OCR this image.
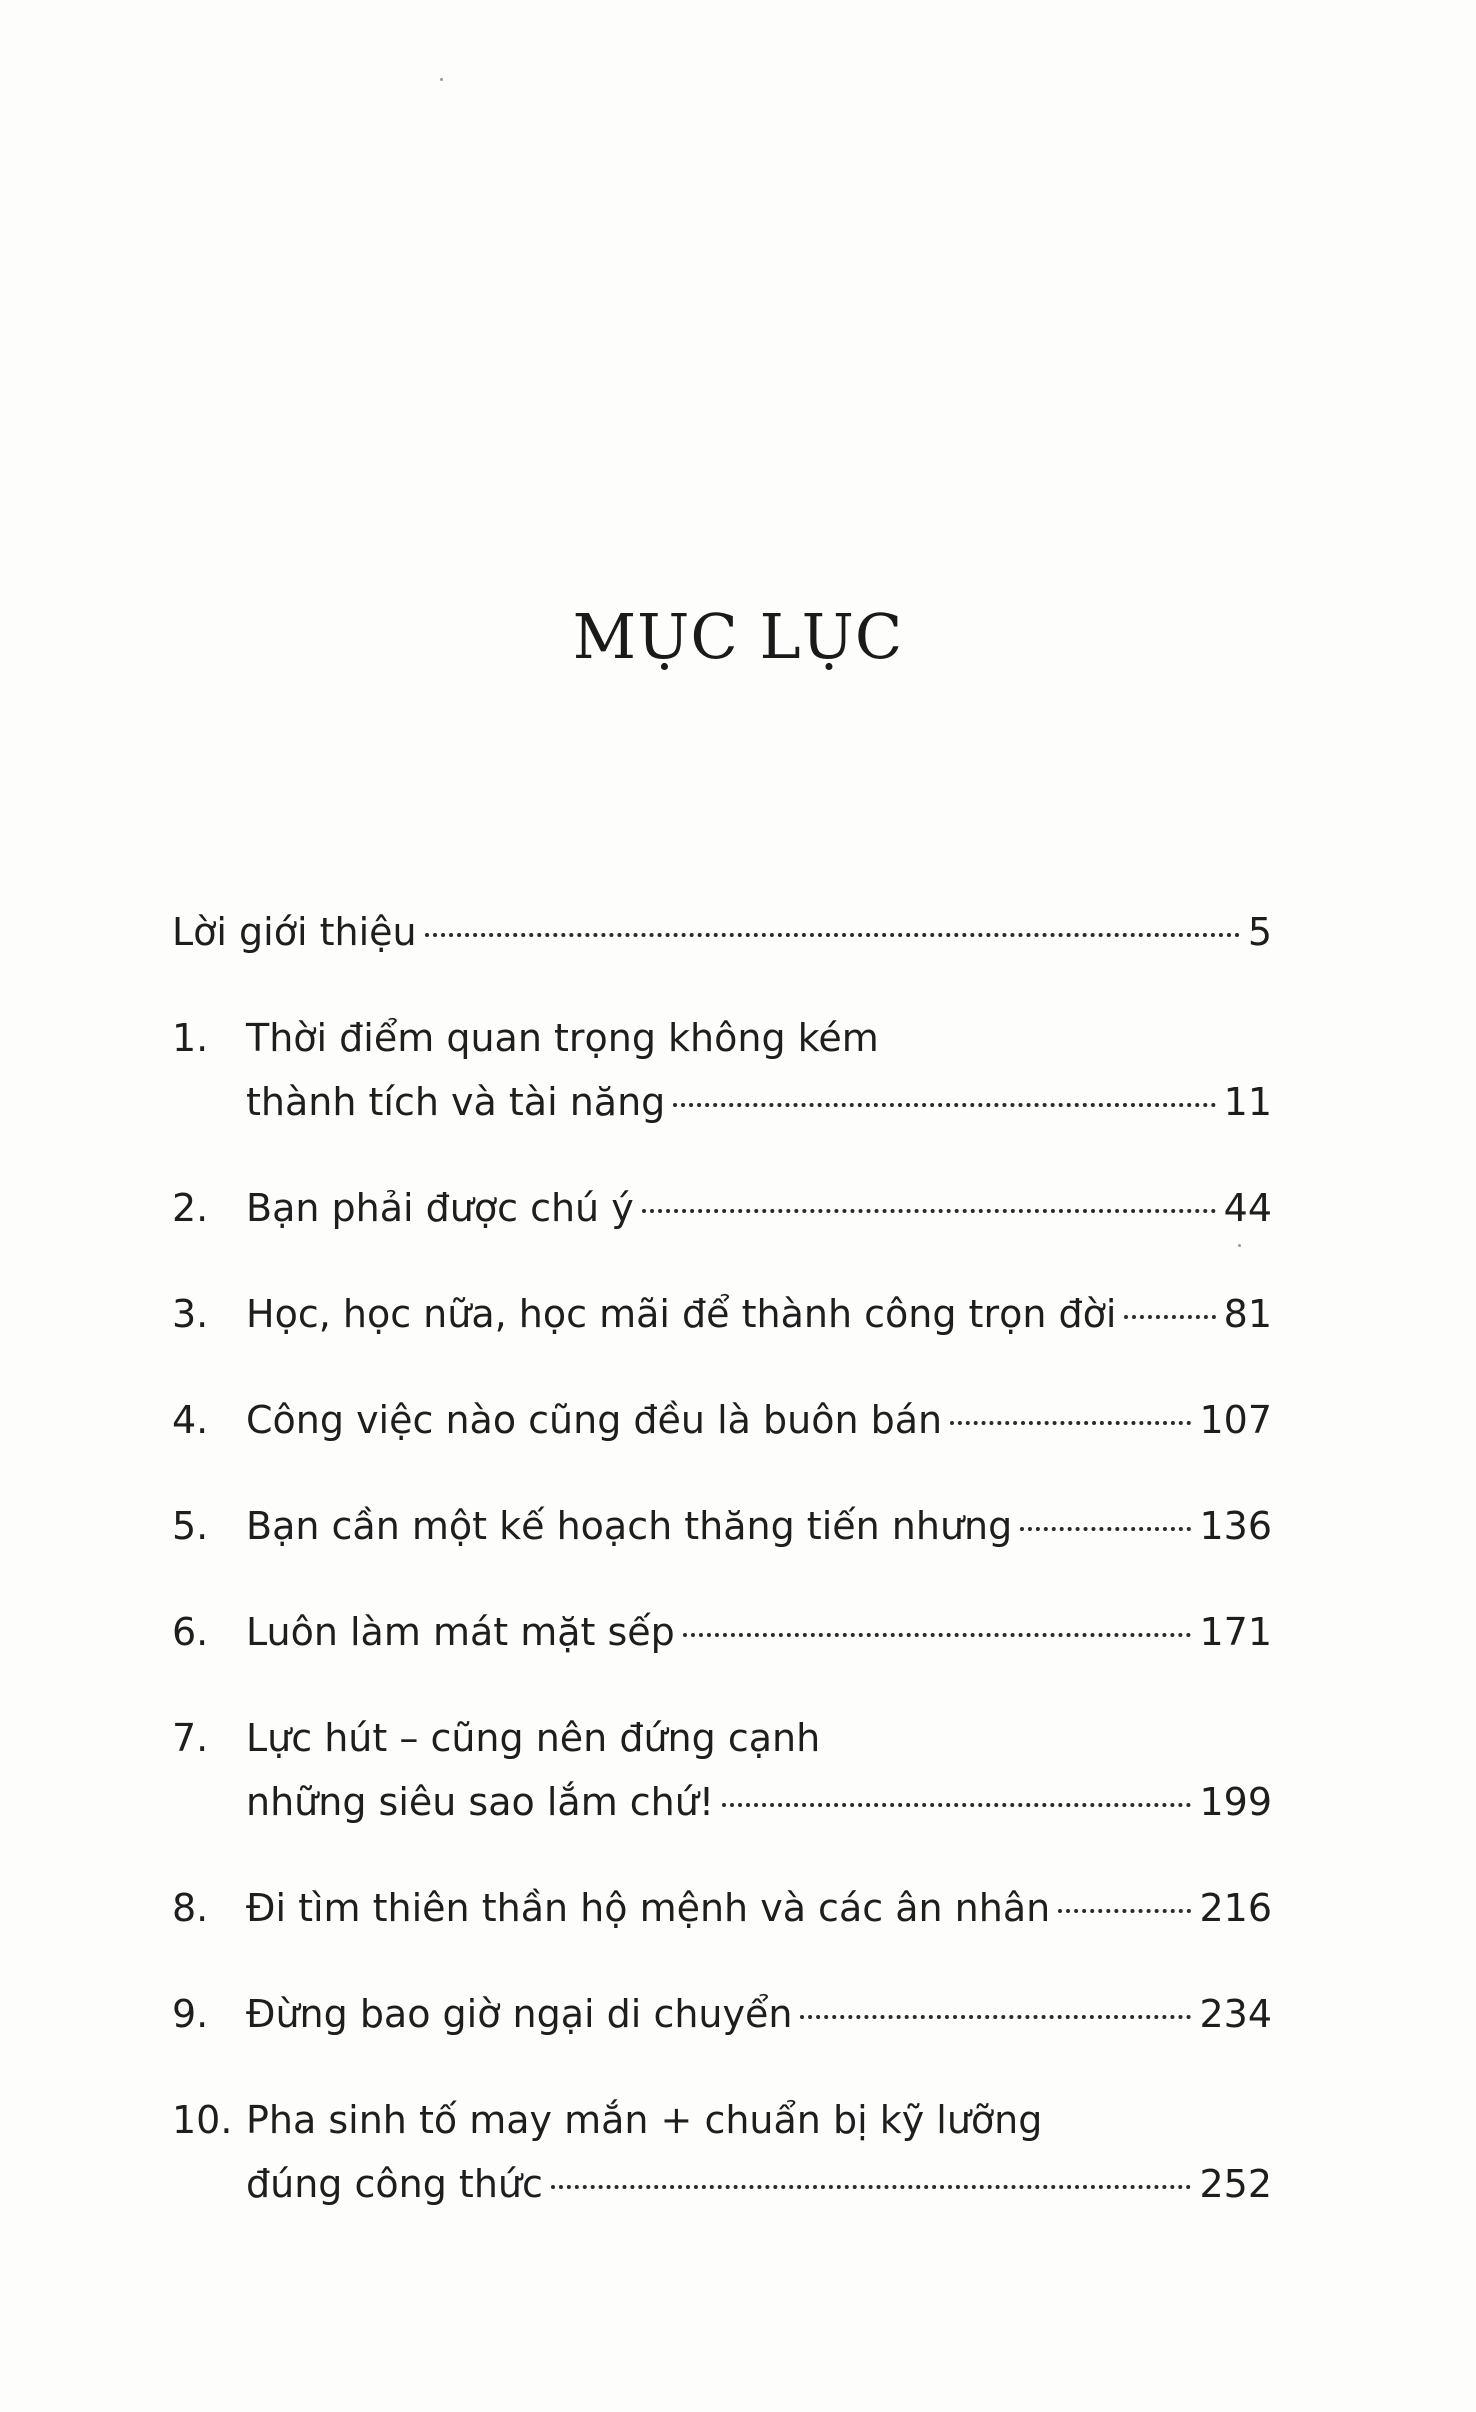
MỤC LỤC
Lời giới thiệu	5
1. Thời điểm quan trọng không kém
thành tích và tài năng	11
2. Bạn phải được chú ý	44
3. Học, học nữa, học mãi để thành công trọn đời	81
4. Công việc nào cũng đều là buôn bán	107
5. Bạn cần một kế hoạch thăng tiến nhưng	136
6. Luôn làm mát mặt sếp	171
7. Lực hút – cũng nên đứng cạnh
những siêu sao lắm chứ!	199
8. Đi tìm thiên thần hộ mệnh và các ân nhân	216
9. Đừng bao giờ ngại di chuyển	234
10. Pha sinh tố may mắn + chuẩn bị kỹ lưỡng
đúng công thức	252
